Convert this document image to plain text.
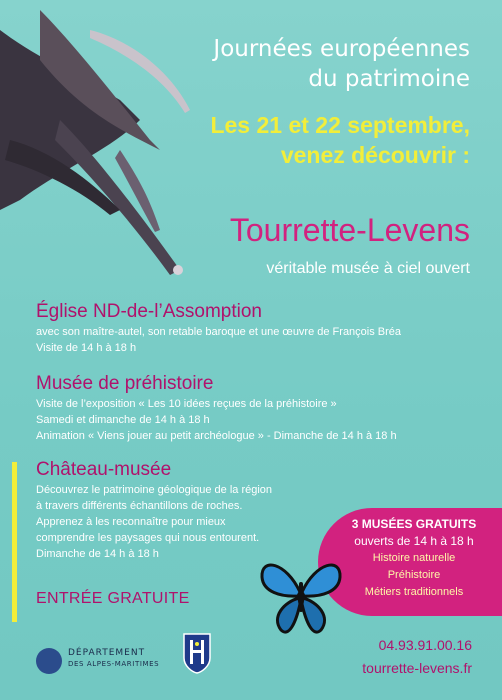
Journées européennes
du patrimoine
Les 21 et 22 septembre,
venez découvrir :
Tourrette-Levens
véritable musée à ciel ouvert
Église ND-de-l’Assomption

avec son maître-autel, son retable baroque et une œuvre de François Bréa

Visite de 14 h à 18 h

Musée de préhistoire

Visite de l’exposition « Les 10 idées reçues de la préhistoire »

Samedi et dimanche de 14 h à 18 h

Animation « Viens jouer au petit archéologue » - Dimanche de 14 h à 18 h

Château-musée

Découvrez le patrimoine géologique de la région

à travers différents échantillons de roches.

Apprenez à les reconnaître pour mieux

comprendre les paysages qui nous entourent.

Dimanche de 14 h à 18 h

ENTRÉE GRATUITE
3 MUSÉES GRATUITS
ouverts de 14 h à 18 h
Histoire naturelle
Préhistoire
Métiers traditionnels
DÉPARTEMENT
DES ALPES-MARITIMES
04.93.91.00.16
tourrette-levens.fr
